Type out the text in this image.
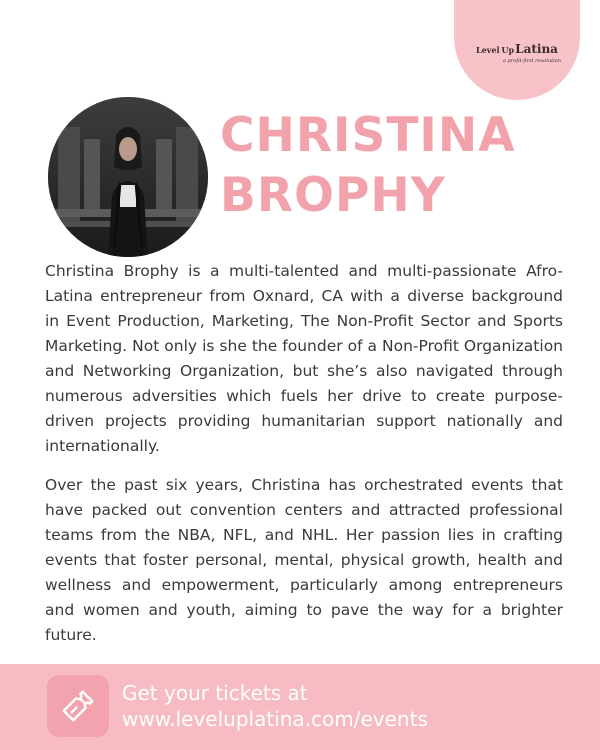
Level Up Latina
a profit-first revolution
CHRISTINA
BROPHY

Christina Brophy is a multi-talented and multi-passionate Afro-Latina entrepreneur from Oxnard, CA with a diverse background in Event Production, Marketing, The Non-Profit Sector and Sports Marketing. Not only is she the founder of a Non-Profit Organization and Networking Organization, but she’s also navigated through numerous adversities which fuels her drive to create purpose-driven projects providing humanitarian support nationally and internationally.

Over the past six years, Christina has orchestrated events that have packed out convention centers and attracted professional teams from the NBA, NFL, and NHL. Her passion lies in crafting events that foster personal, mental, physical growth, health and wellness and empowerment, particularly among entrepreneurs and women and youth, aiming to pave the way for a brighter future.

Get your tickets at
www.leveluplatina.com/events
